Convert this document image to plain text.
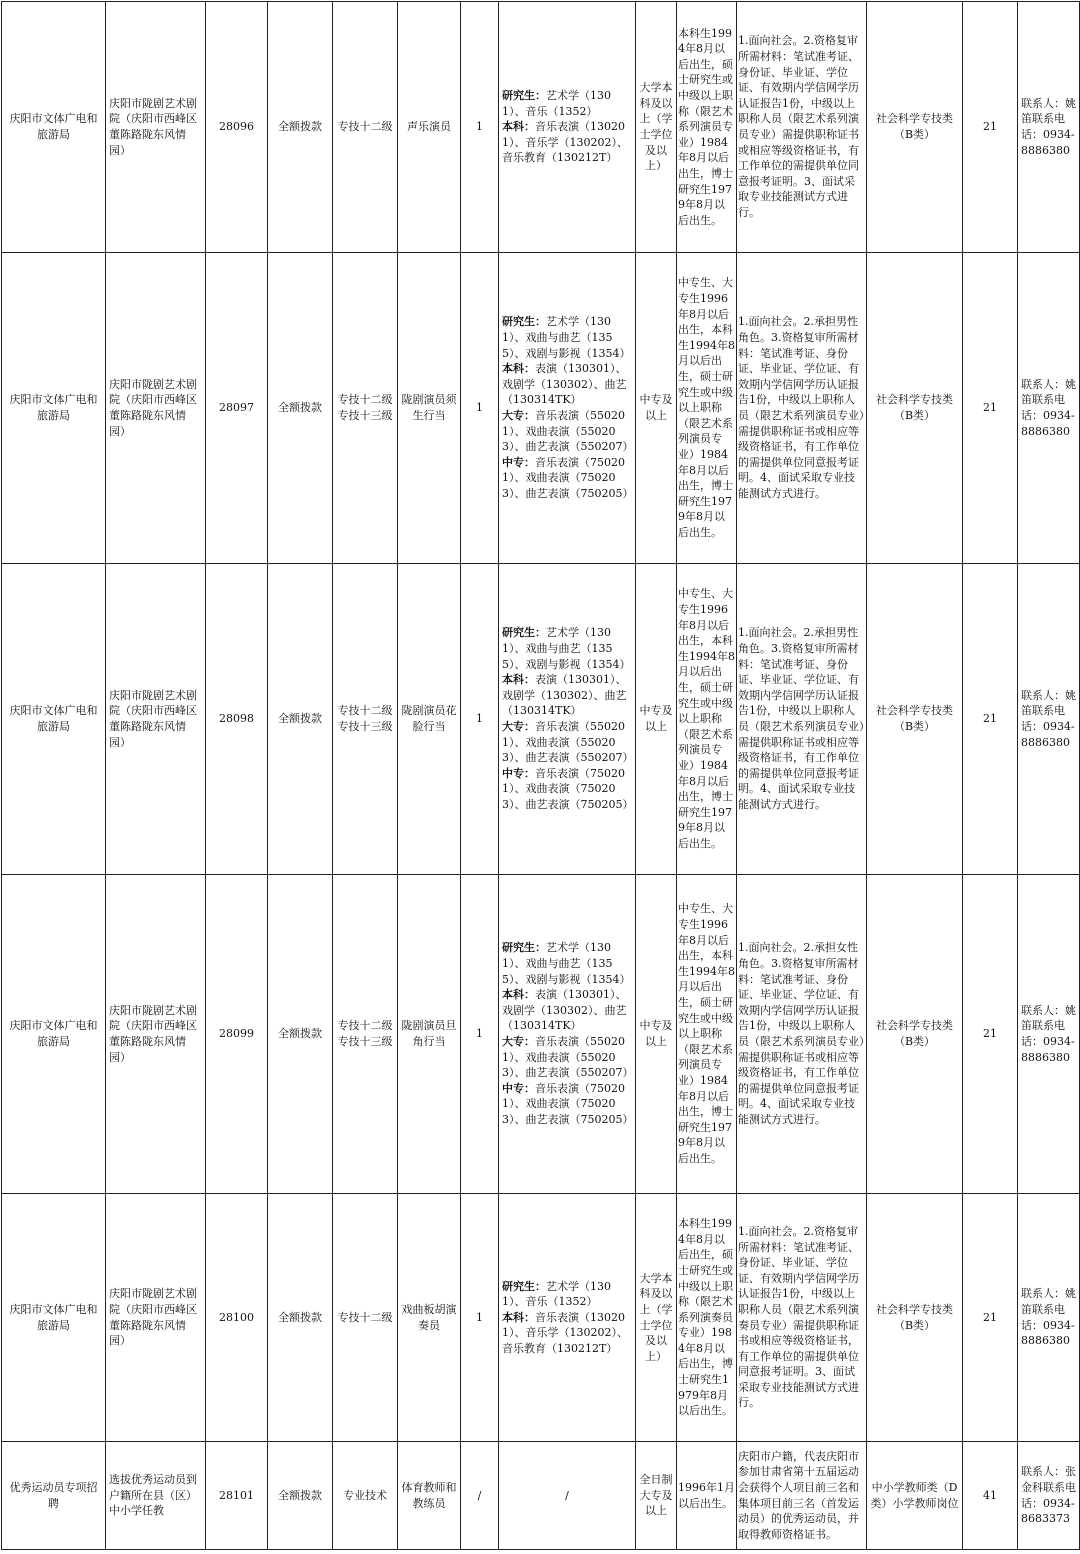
庆阳市文体广电和旅游局	庆阳市陇剧艺术剧院（庆阳市西峰区董陈路陇东风情园）	28096	全额拨款	专技十二级	声乐演员	1	研究生：艺术学（1301）、音乐（1352）
本科：音乐表演（130201）、音乐学（130202）、音乐教育（130212T）	大学本科及以上（学士学位及以上）	本科生1994年8月以后出生，硕士研究生或中级以上职称（限艺术系列演员专业）1984年8月以后出生，博士研究生1979年8月以后出生。	1.面向社会。2.资格复审所需材料：笔试准考证、身份证、毕业证、学位证、有效期内学信网学历认证报告1份，中级以上职称人员（限艺术系列演员专业）需提供职称证书或相应等级资格证书，有工作单位的需提供单位同意报考证明。3、面试采取专业技能测试方式进行。	社会科学专技类（B类）	21	联系人：姚笛联系电话：0934-8886380
庆阳市文体广电和旅游局	庆阳市陇剧艺术剧院（庆阳市西峰区董陈路陇东风情园）	28097	全额拨款	专技十二级专技十三级	陇剧演员须生行当	1	研究生：艺术学（1301）、戏曲与曲艺（1355）、戏剧与影视（1354）
本科：表演（130301）、戏剧学（130302）、曲艺（130314TK）
大专：音乐表演（550201）、戏曲表演（550203）、曲艺表演（550207）
中专：音乐表演（750201）、戏曲表演（750203）、曲艺表演（750205）	中专及以上	中专生、大专生1996年8月以后出生，本科生1994年8月以后出生，硕士研究生或中级以上职称（限艺术系列演员专业）1984年8月以后出生，博士研究生1979年8月以后出生。	1.面向社会。2.承担男性角色。3.资格复审所需材料：笔试准考证、身份证、毕业证、学位证、有效期内学信网学历认证报告1份，中级以上职称人员（限艺术系列演员专业）需提供职称证书或相应等级资格证书，有工作单位的需提供单位同意报考证明。4、面试采取专业技能测试方式进行。	社会科学专技类（B类）	21	联系人：姚笛联系电话：0934-8886380
庆阳市文体广电和旅游局	庆阳市陇剧艺术剧院（庆阳市西峰区董陈路陇东风情园）	28098	全额拨款	专技十二级专技十三级	陇剧演员花脸行当	1	研究生：艺术学（1301）、戏曲与曲艺（1355）、戏剧与影视（1354）
本科：表演（130301）、戏剧学（130302）、曲艺（130314TK）
大专：音乐表演（550201）、戏曲表演（550203）、曲艺表演（550207）
中专：音乐表演（750201）、戏曲表演（750203）、曲艺表演（750205）	中专及以上	中专生、大专生1996年8月以后出生，本科生1994年8月以后出生，硕士研究生或中级以上职称（限艺术系列演员专业）1984年8月以后出生，博士研究生1979年8月以后出生。	1.面向社会。2.承担男性角色。3.资格复审所需材料：笔试准考证、身份证、毕业证、学位证、有效期内学信网学历认证报告1份，中级以上职称人员（限艺术系列演员专业）需提供职称证书或相应等级资格证书，有工作单位的需提供单位同意报考证明。4、面试采取专业技能测试方式进行。	社会科学专技类（B类）	21	联系人：姚笛联系电话：0934-8886380
庆阳市文体广电和旅游局	庆阳市陇剧艺术剧院（庆阳市西峰区董陈路陇东风情园）	28099	全额拨款	专技十二级专技十三级	陇剧演员旦角行当	1	研究生：艺术学（1301）、戏曲与曲艺（1355）、戏剧与影视（1354）
本科：表演（130301）、戏剧学（130302）、曲艺（130314TK）
大专：音乐表演（550201）、戏曲表演（550203）、曲艺表演（550207）
中专：音乐表演（750201）、戏曲表演（750203）、曲艺表演（750205）	中专及以上	中专生、大专生1996年8月以后出生，本科生1994年8月以后出生，硕士研究生或中级以上职称（限艺术系列演员专业）1984年8月以后出生，博士研究生1979年8月以后出生。	1.面向社会。2.承担女性角色。3.资格复审所需材料：笔试准考证、身份证、毕业证、学位证、有效期内学信网学历认证报告1份，中级以上职称人员（限艺术系列演员专业）需提供职称证书或相应等级资格证书，有工作单位的需提供单位同意报考证明。4、面试采取专业技能测试方式进行。	社会科学专技类（B类）	21	联系人：姚笛联系电话：0934-8886380
庆阳市文体广电和旅游局	庆阳市陇剧艺术剧院（庆阳市西峰区董陈路陇东风情园）	28100	全额拨款	专技十二级	戏曲板胡演奏员	1	研究生：艺术学（1301）、音乐（1352）
本科：音乐表演（130201）、音乐学（130202）、音乐教育（130212T）	大学本科及以上（学士学位及以上）	本科生1994年8月以后出生，硕士研究生或中级以上职称（限艺术系列演奏员专业）1984年8月以后出生，博士研究生1979年8月以后出生。	1.面向社会。2.资格复审所需材料：笔试准考证、身份证、毕业证、学位证、有效期内学信网学历认证报告1份，中级以上职称人员（限艺术系列演奏员专业）需提供职称证书或相应等级资格证书，有工作单位的需提供单位同意报考证明。3、面试采取专业技能测试方式进行。	社会科学专技类（B类）	21	联系人：姚笛联系电话：0934-8886380
优秀运动员专项招聘	选拔优秀运动员到户籍所在县（区）中小学任教	28101	全额拨款	专业技术	体育教师和教练员	/	/	全日制大专及以上	1996年1月以后出生。	庆阳市户籍，代表庆阳市参加甘肃省第十五届运动会获得个人项目前三名和集体项目前三名（首发运动员）的优秀运动员，并取得教师资格证书。	中小学教师类（D类）小学教师岗位	41	联系人：张金科联系电话：0934-8683373
